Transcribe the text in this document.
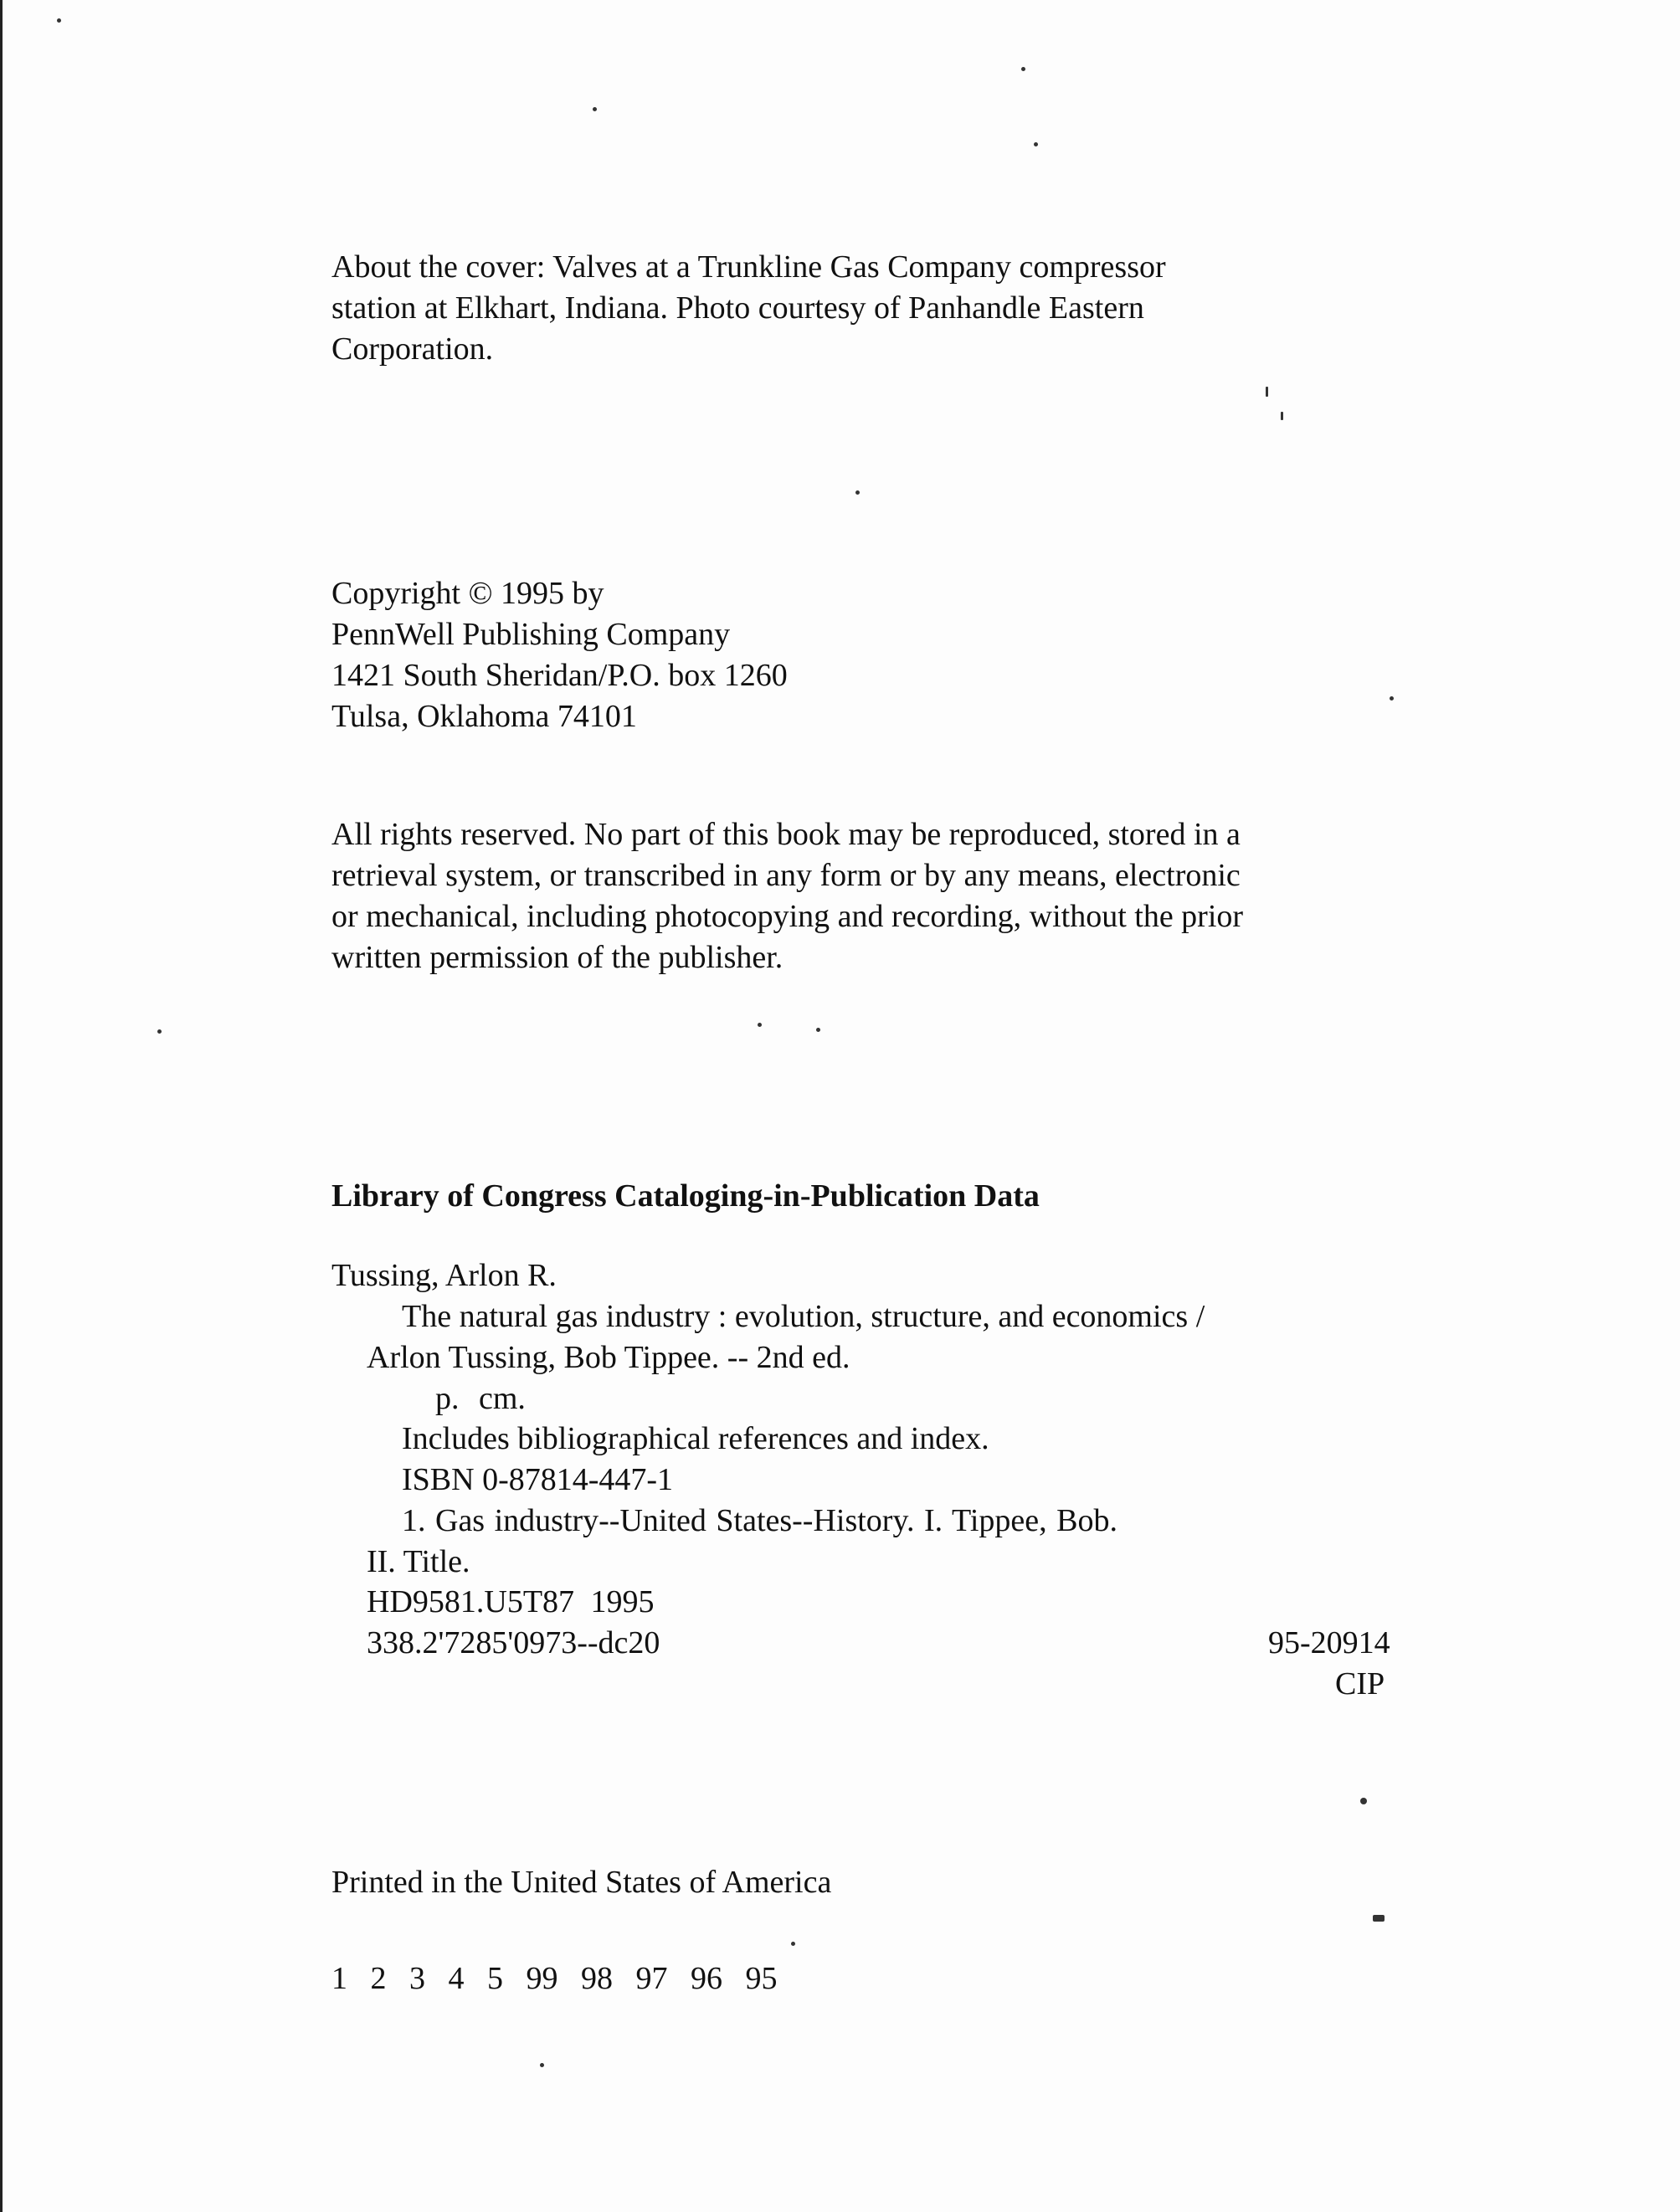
About the cover: Valves at a Trunkline Gas Company compressor

station at Elkhart, Indiana. Photo courtesy of Panhandle Eastern

Corporation.

Copyright © 1995 by

PennWell Publishing Company

1421 South Sheridan/P.O. box 1260

Tulsa, Oklahoma 74101

All rights reserved. No part of this book may be reproduced, stored in a

retrieval system, or transcribed in any form or by any means, electronic

or mechanical, including photocopying and recording, without the prior

written permission of the publisher.

Library of Congress Cataloging-in-Publication Data
Tussing, Arlon R.
The natural gas industry : evolution, structure, and economics /
Arlon Tussing, Bob Tippee. -- 2nd ed.
p. cm.
Includes bibliographical references and index.
ISBN 0-87814-447-1
1. Gas industry--United States--History. I. Tippee, Bob.
II. Title.
HD9581.U5T87 1995
338.2'7285'0973--dc20	95-20914
CIP
Printed in the United States of America
1 2 3 4 5 99 98 97 96 95
